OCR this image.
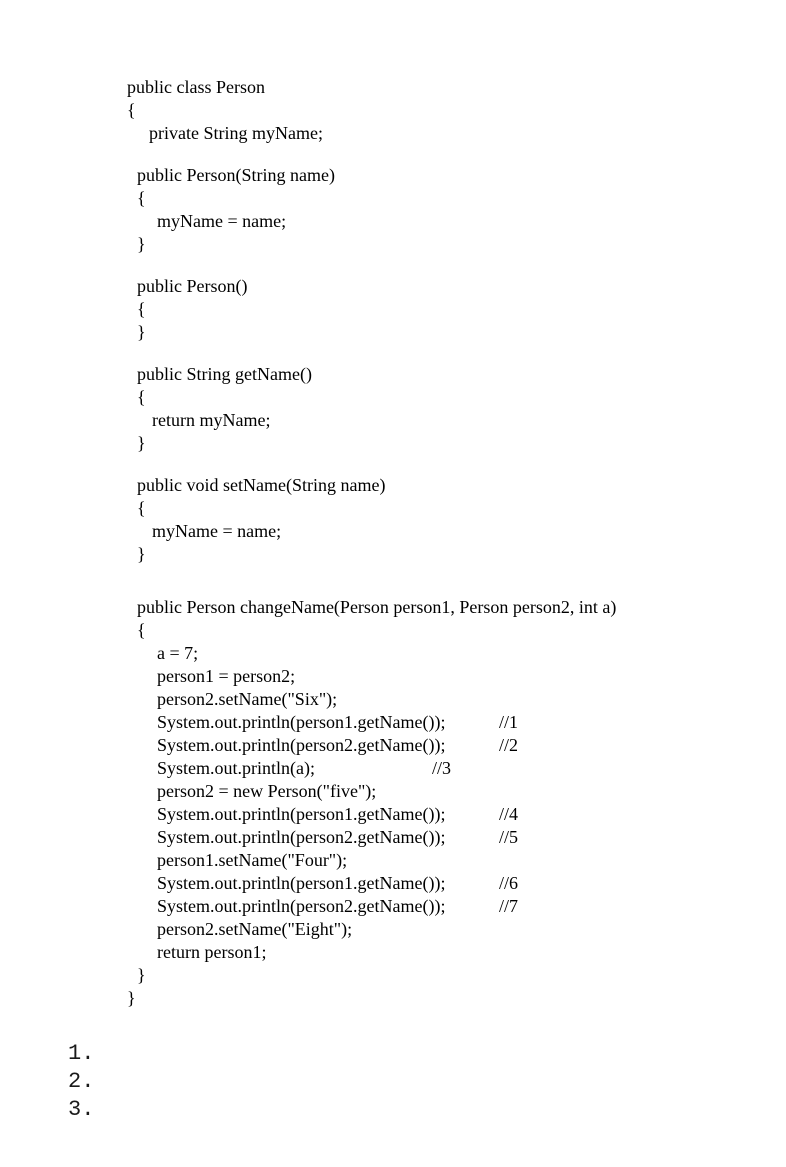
public class Person
{
private String myName;
public Person(String name)
{
myName = name;
}
public Person()
{
}
public String getName()
{
return myName;
}
public void setName(String name)
{
myName = name;
}
public Person changeName(Person person1, Person person2, int a)
{
a = 7;
person1 = person2;
person2.setName("Six");
System.out.println(person1.getName());
System.out.println(person2.getName());
System.out.println(a);
person2 = new Person("five");
System.out.println(person1.getName());
System.out.println(person2.getName());
person1.setName("Four");
System.out.println(person1.getName());
System.out.println(person2.getName());
person2.setName("Eight");
return person1;
}
}
//1
//2
//3
//4
//5
//6
//7
1.
2.
3.
